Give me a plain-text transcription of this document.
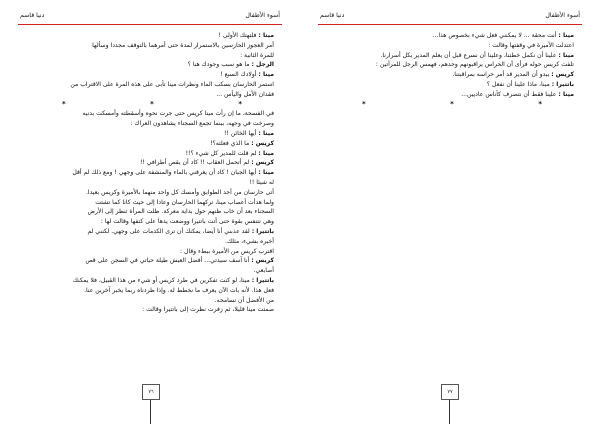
أسوء الأطفال
دنيا قاسم

مينا : فلتهتك الأولى !

أمر العجوز الحارسين بالاستمرار لمدة حتى أمرهما بالتوقف مجددا وسألها

للمرة الثانية :

الرجل : ما هو سبب وجودك هنا ؟

مينا : أولادك السبع !

استمر الحارسان بسكب الماء ونظرات مينا تأبى على هذه المرة على الاقتراب من

فقدان الأمل واليأس ...

*	*	*

في الفسحة، ما إن رأت مينا كريس حتى جرت نحوه وأسقطته وأمسكت بدنيه

وصرخت في وجهه، بينما تجمع السجناء يشاهدون العراك :

مينا : أيها الخائن !!

كريس : ما الذي فعلته؟!

مينا : لم قلت للمدير كل شيء ؟!!

كريس : لم أتحمل العقاب !! كاد أن يقص أطرافي !!

مينا : أيها الجبان ! كاد أن يغرقني بالماء والمنشفة على وجهي ! ومع ذلك لم أقل

له شيئا !!

أتى حارسان من أحد الطوابق وأمسك كل واحد منهما بالأميرة وكريس بعيدا.

ولما هدأت أعصاب مينا، تركهما الحارسان وعادا إلى حيث كانا كما تشتت

السجناء بعد أن خاب ظنهم حول بداية معركة. ظلت المرأة تنظر إلى الأرض

وهي تتنفس بقوة حتى أتت باتتيرا ووضعت يدها على كتفها وقالت لها :

باتتيرا : لقد عذبني أنا أيضا، يمكنك أن ترى الكدمات على وجهي. لكنني لم

أخبره بشيء، مثلك.

اقترب كريس من الأميرة ببطء وقال :

كريس : أنا آسف سيدتي... أفضل العيش طيلة حياتي في السجن على قص

أصابعي.

باتتيرا : مينا، لو كنت تفكرين في طرد كريس أو شيء من هذا القبيل، فلا يمكنك

فعل هذا. لأنه بات الآن يعرف ما نخطط له. وإذا طردناه ربما يخبر آخرين عنا.

من الأفضل أن نسامحه.

صمتت مينا قليلا، ثم زفرت نظرت إلى باتتيرا وقالت :

٧٦
أسوء الأطفال
دنيا قاسم

مينا : أنت محقة ... لا يمكنني فعل شيء بخصوص هذا...

اعتدلت الأميرة في وقفتها وقالت :

مينا : علينا أن نكمل خطتنا، وعلينا أن نسرع قبل أن يعلم المدير بكل أسرارنا.

تلفت كريس حوله فرأى أن الحراس يراقبونهم وحدهم، فهمس الرجل للمرأتين :

كريس : يبدو أن المدير قد أمر حراسه بمراقبتنا.

باتتيرا : مينا، ماذا علينا أن نفعل ؟

مينا : علينا فقط أن نتصرف كأناس عاديين...

*	*	*

٧٧
